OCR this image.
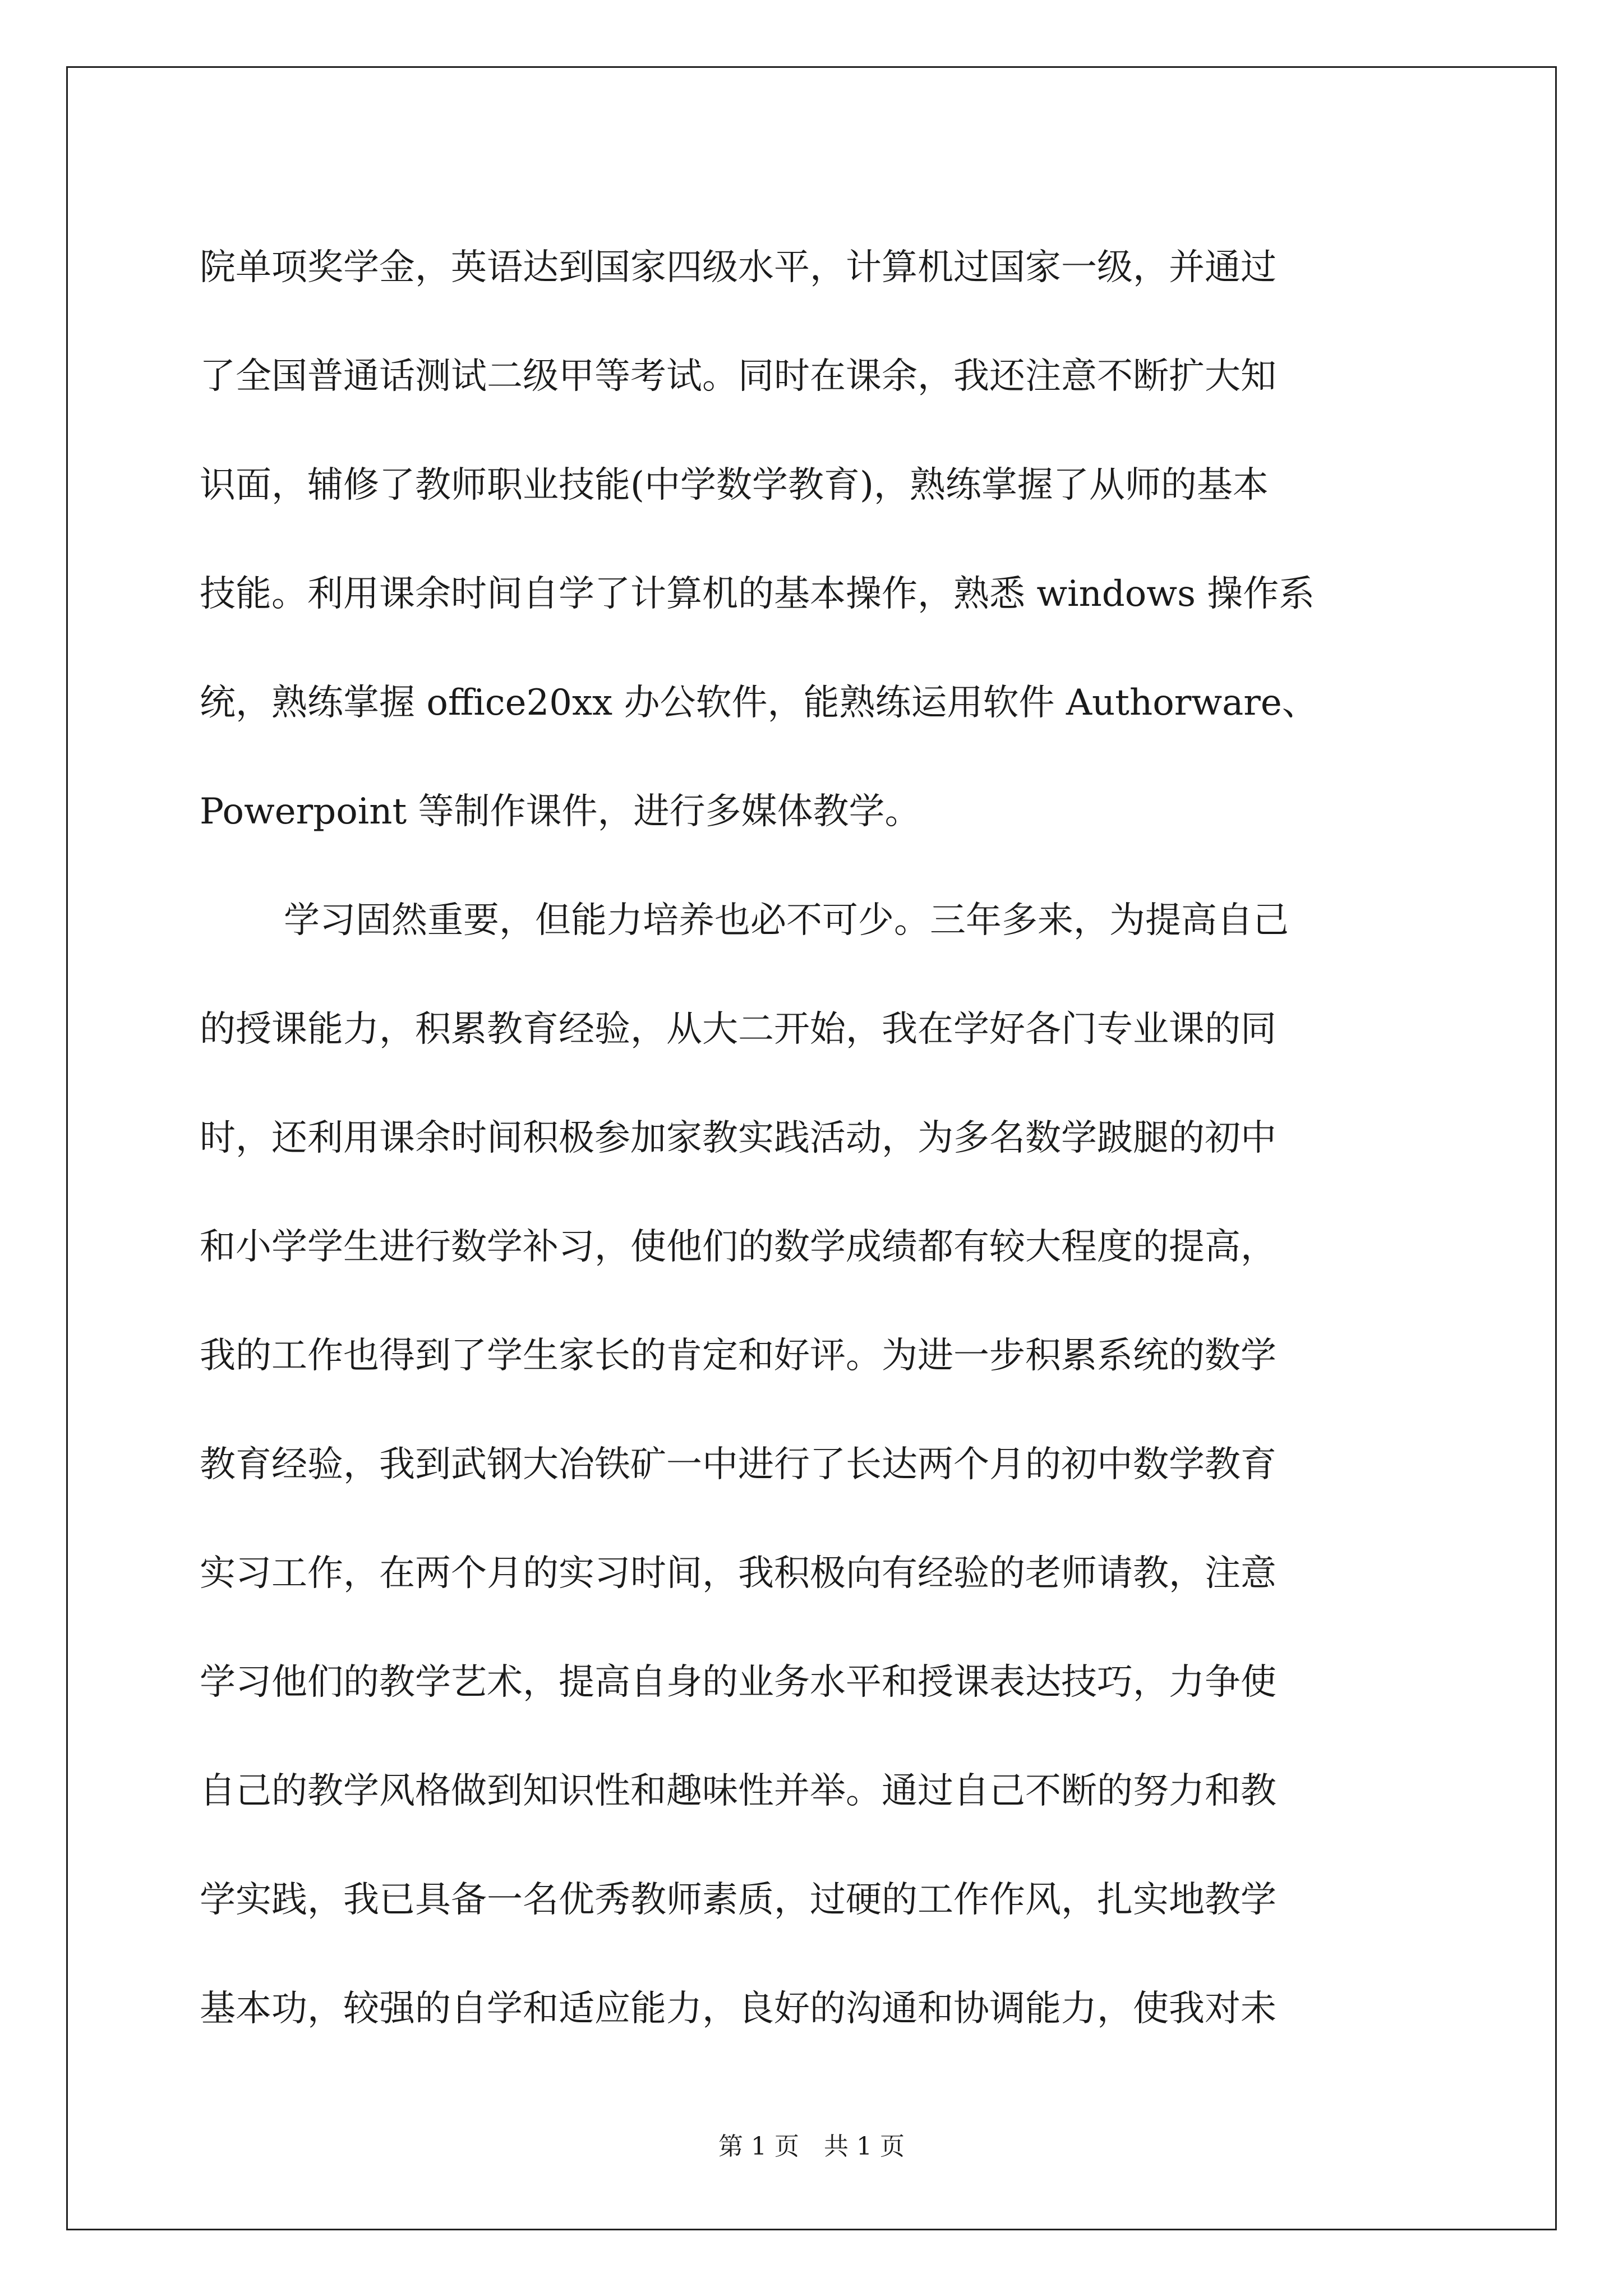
院单项奖学金，英语达到国家四级水平，计算机过国家一级，并通过
了全国普通话测试二级甲等考试。同时在课余，我还注意不断扩大知
识面，辅修了教师职业技能(中学数学教育)，熟练掌握了从师的基本
技能。利用课余时间自学了计算机的基本操作，熟悉 windows 操作系
统，熟练掌握 office20xx 办公软件，能熟练运用软件 Authorware、
Powerpoint 等制作课件，进行多媒体教学。
学习固然重要，但能力培养也必不可少。三年多来，为提高自己
的授课能力，积累教育经验，从大二开始，我在学好各门专业课的同
时，还利用课余时间积极参加家教实践活动，为多名数学跛腿的初中
和小学学生进行数学补习，使他们的数学成绩都有较大程度的提高，
我的工作也得到了学生家长的肯定和好评。为进一步积累系统的数学
教育经验，我到武钢大冶铁矿一中进行了长达两个月的初中数学教育
实习工作，在两个月的实习时间，我积极向有经验的老师请教，注意
学习他们的教学艺术，提高自身的业务水平和授课表达技巧，力争使
自己的教学风格做到知识性和趣味性并举。通过自己不断的努力和教
学实践，我已具备一名优秀教师素质，过硬的工作作风，扎实地教学
基本功，较强的自学和适应能力，良好的沟通和协调能力，使我对未
第 1 页　共 1 页
